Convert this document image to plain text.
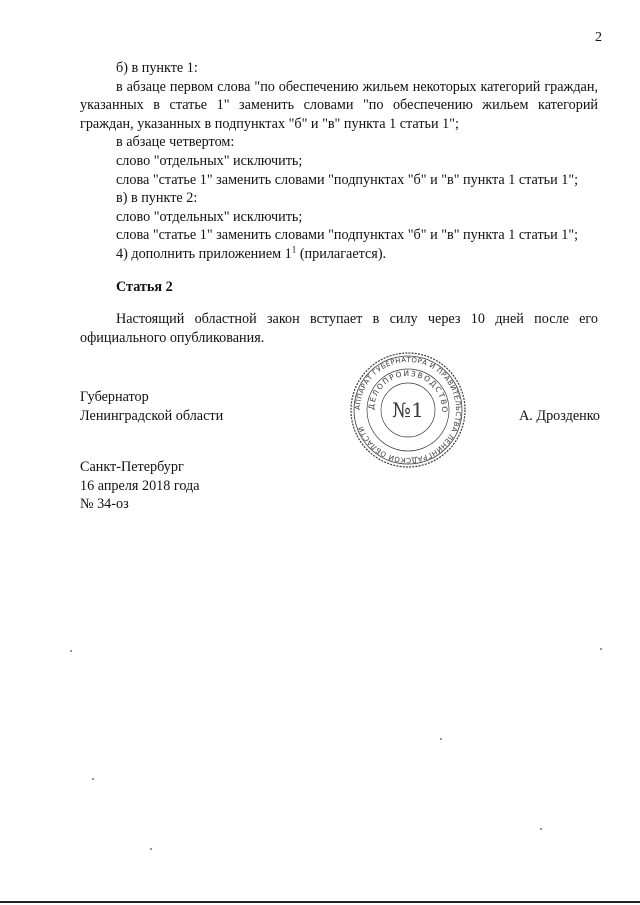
2

б) в пункте 1:

в абзаце первом слова "по обеспечению жильем некоторых категорий граждан, указанных в статье 1" заменить словами "по обеспечению жильем категорий граждан, указанных в подпунктах "б" и "в" пункта 1 статьи 1";

в абзаце четвертом:

слово "отдельных" исключить;

слова "статье 1" заменить словами "подпунктах "б" и "в" пункта 1 статьи 1";

в) в пункте 2:

слово "отдельных" исключить;

слова "статье 1" заменить словами "подпунктах "б" и "в" пункта 1 статьи 1";

4) дополнить приложением $1^1$ (прилагается).

Статья 2

Настоящий областной закон вступает в силу через 10 дней после его официального опубликования.

АППАРАТ ГУБЕРНАТОРА И ПРАВИТЕЛЬСТВА ЛЕНИНГРАДСКОЙ ОБЛАСТИ
ДЕЛОПРОИЗВОДСТВО
№1
Губернатор
Ленинградской области	А. Дрозденко
Санкт-Петербург
16 апреля 2018 года
№ 34-оз
